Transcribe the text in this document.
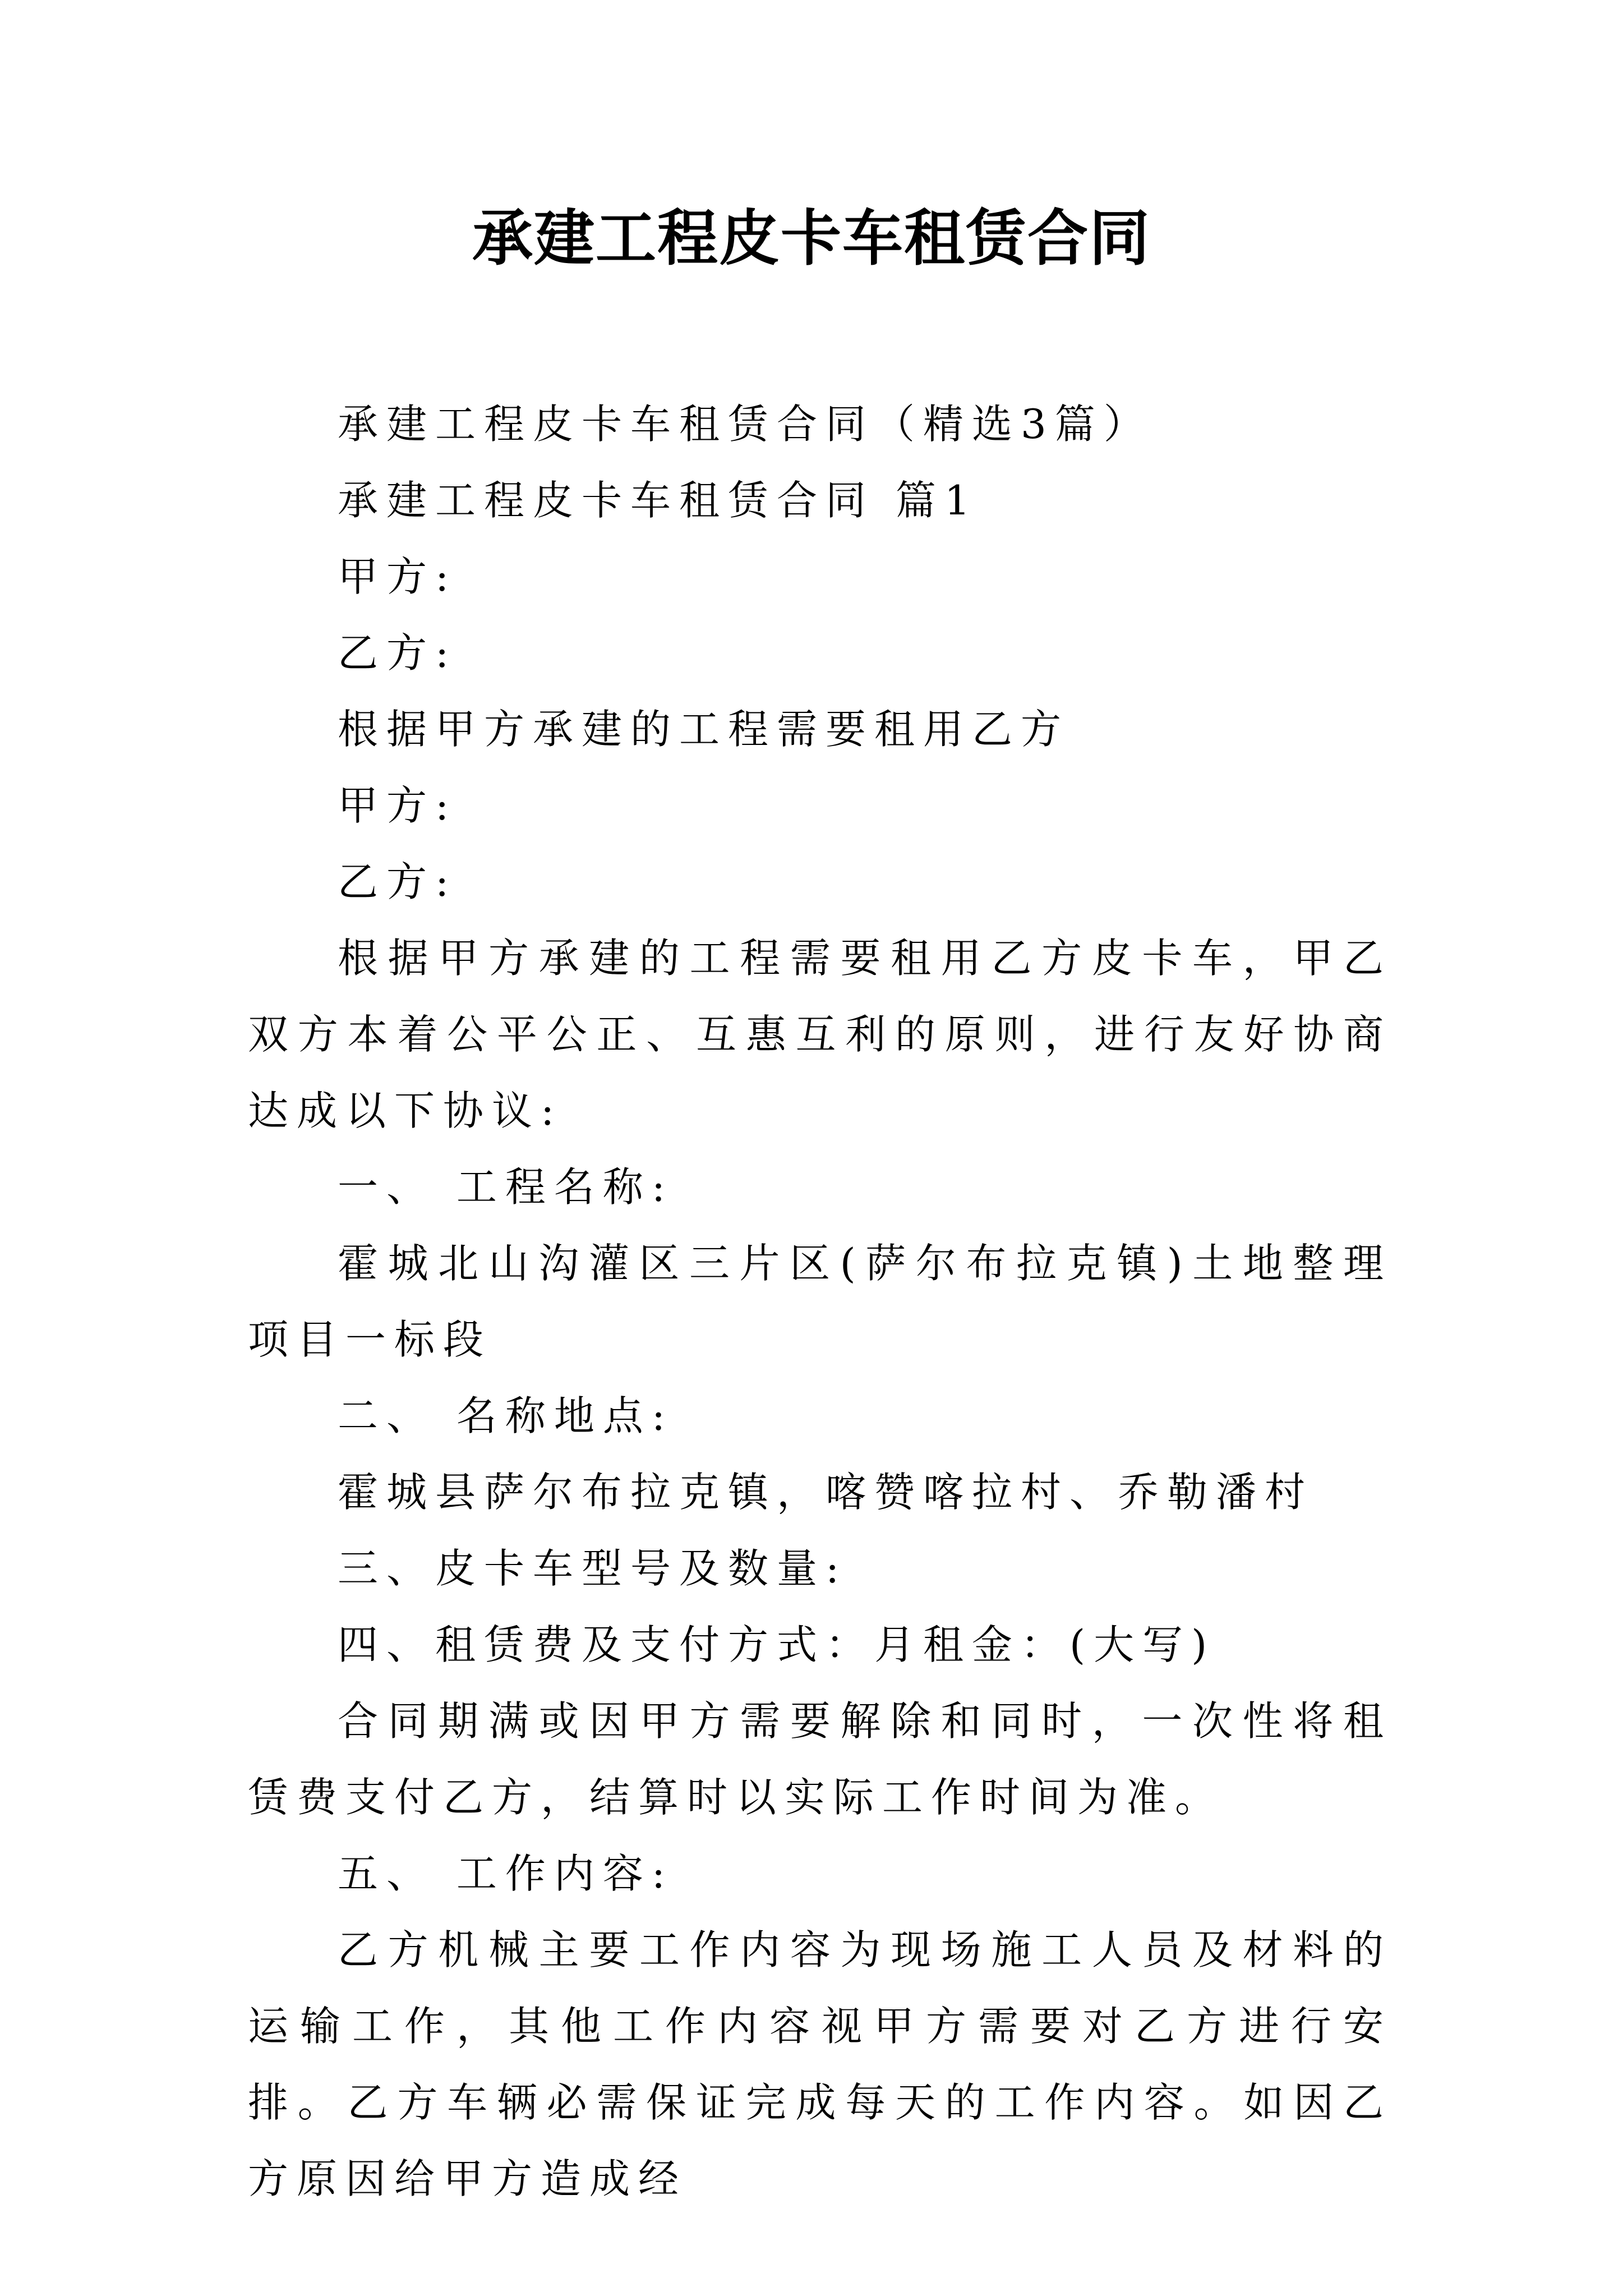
承建工程皮卡车租赁合同

承建工程皮卡车租赁合同（精选3篇）

承建工程皮卡车租赁合同 篇1

甲方:

乙方:

根据甲方承建的工程需要租用乙方

甲方:

乙方:

根据甲方承建的工程需要租用乙方皮卡车，甲乙双方本着公平公正、互惠互利的原则，进行友好协商达成以下协议:

一、 工程名称:

霍城北山沟灌区三片区(萨尔布拉克镇)土地整理项目一标段

二、 名称地点:

霍城县萨尔布拉克镇，喀赞喀拉村、乔勒潘村

三、皮卡车型号及数量:

四、租赁费及支付方式：月租金：(大写)

合同期满或因甲方需要解除和同时，一次性将租赁费支付乙方，结算时以实际工作时间为准。

五、 工作内容:

乙方机械主要工作内容为现场施工人员及材料的运输工作，其他工作内容视甲方需要对乙方进行安排。乙方车辆必需保证完成每天的工作内容。如因乙方原因给甲方造成经
